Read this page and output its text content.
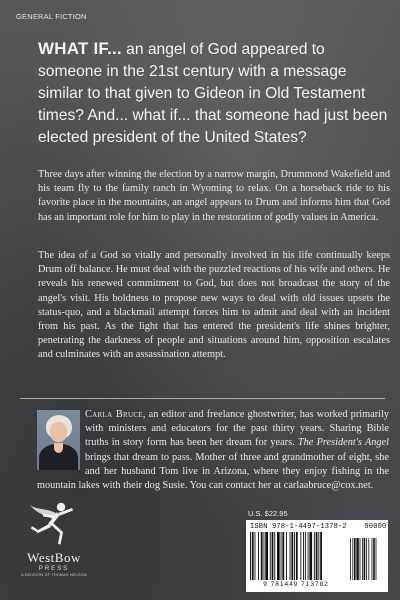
GENERAL FICTION
WHAT IF... an angel of God appeared to someone in the 21st century with a message similar to that given to Gideon in Old Testament times? And... what if... that someone had just been elected president of the United States?
Three days after winning the election by a narrow margin, Drummond Wakefield and his team fly to the family ranch in Wyoming to relax. On a horseback ride to his favorite place in the mountains, an angel appears to Drum and informs him that God has an important role for him to play in the restoration of godly values in America.
The idea of a God so vitally and personally involved in his life continually keeps Drum off balance. He must deal with the puzzled reactions of his wife and others. He reveals his renewed commitment to God, but does not broadcast the story of the angel's visit. His boldness to propose new ways to deal with old issues upsets the status-quo, and a blackmail attempt forces him to admit and deal with an incident from his past. As the light that has entered the president's life shines brighter, penetrating the darkness of people and situations around him, opposition escalates and culminates with an assassination attempt.
Carla Bruce, an editor and freelance ghostwriter, has worked primarily with ministers and educators for the past thirty years. Sharing Bible truths in story form has been her dream for years. The President's Angel brings that dream to pass. Mother of three and grandmother of eight, she and her husband Tom live in Arizona, where they enjoy fishing in the mountain lakes with their dog Susie. You can contact her at carlaabruce@cox.net.
WestBow
PRESS
A DIVISION OF THOMAS NELSON
U.S. $22.95
ISBN 978-1-4497-1378-2	90000
9 781449 713782
